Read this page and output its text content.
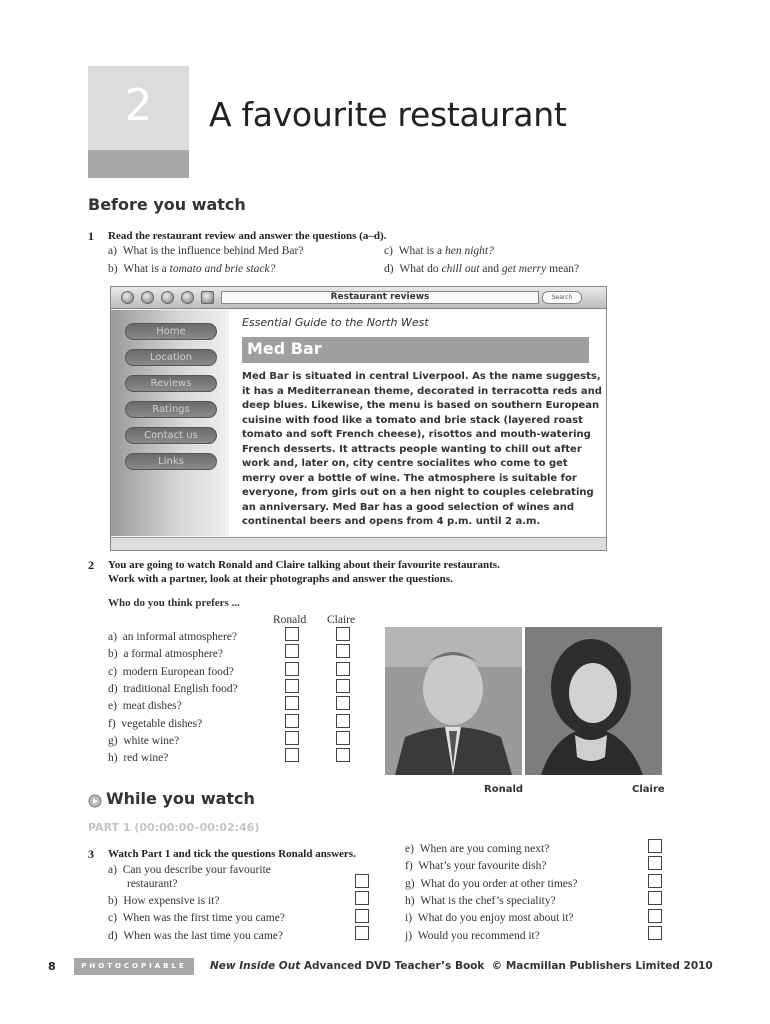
2	A favourite restaurant
Before you watch
1 Read the restaurant review and answer the questions (a–d).
a) What is the influence behind Med Bar?
b) What is a tomato and brie stack?
c) What is a hen night?
d) What do chill out and get merry mean?
Restaurant reviews	Search
Home
Location
Reviews
Ratings
Contact us
Links
Essential Guide to the North West
Med Bar
Med Bar is situated in central Liverpool. As the name suggests, it has a Mediterranean theme, decorated in terracotta reds and deep blues. Likewise, the menu is based on southern European cuisine with food like a tomato and brie stack (layered roast tomato and soft French cheese), risottos and mouth-watering French desserts. It attracts people wanting to chill out after work and, later on, city centre socialites who come to get merry over a bottle of wine. The atmosphere is suitable for everyone, from girls out on a hen night to couples celebrating an anniversary. Med Bar has a good selection of wines and continental beers and opens from 4 p.m. until 2 a.m.
2 You are going to watch Ronald and Claire talking about their favourite restaurants.
Work with a partner, look at their photographs and answer the questions.
Who do you think prefers ...
Ronald Claire
a) an informal atmosphere?
b) a formal atmosphere?
c) modern European food?
d) traditional English food?
e) meat dishes?
f) vegetable dishes?
g) white wine?
h) red wine?
Ronald	Claire
While you watch
PART 1 (00:00:00–00:02:46)
3 Watch Part 1 and tick the questions Ronald answers.
a) Can you describe your favourite
restaurant?
b) How expensive is it?
c) When was the first time you came?
d) When was the last time you came?
e) When are you coming next?
f) What’s your favourite dish?
g) What do you order at other times?
h) What is the chef’s speciality?
i) What do you enjoy most about it?
j) Would you recommend it?
8	PHOTOCOPIABLE	New Inside Out Advanced DVD Teacher’s Book  © Macmillan Publishers Limited 2010
